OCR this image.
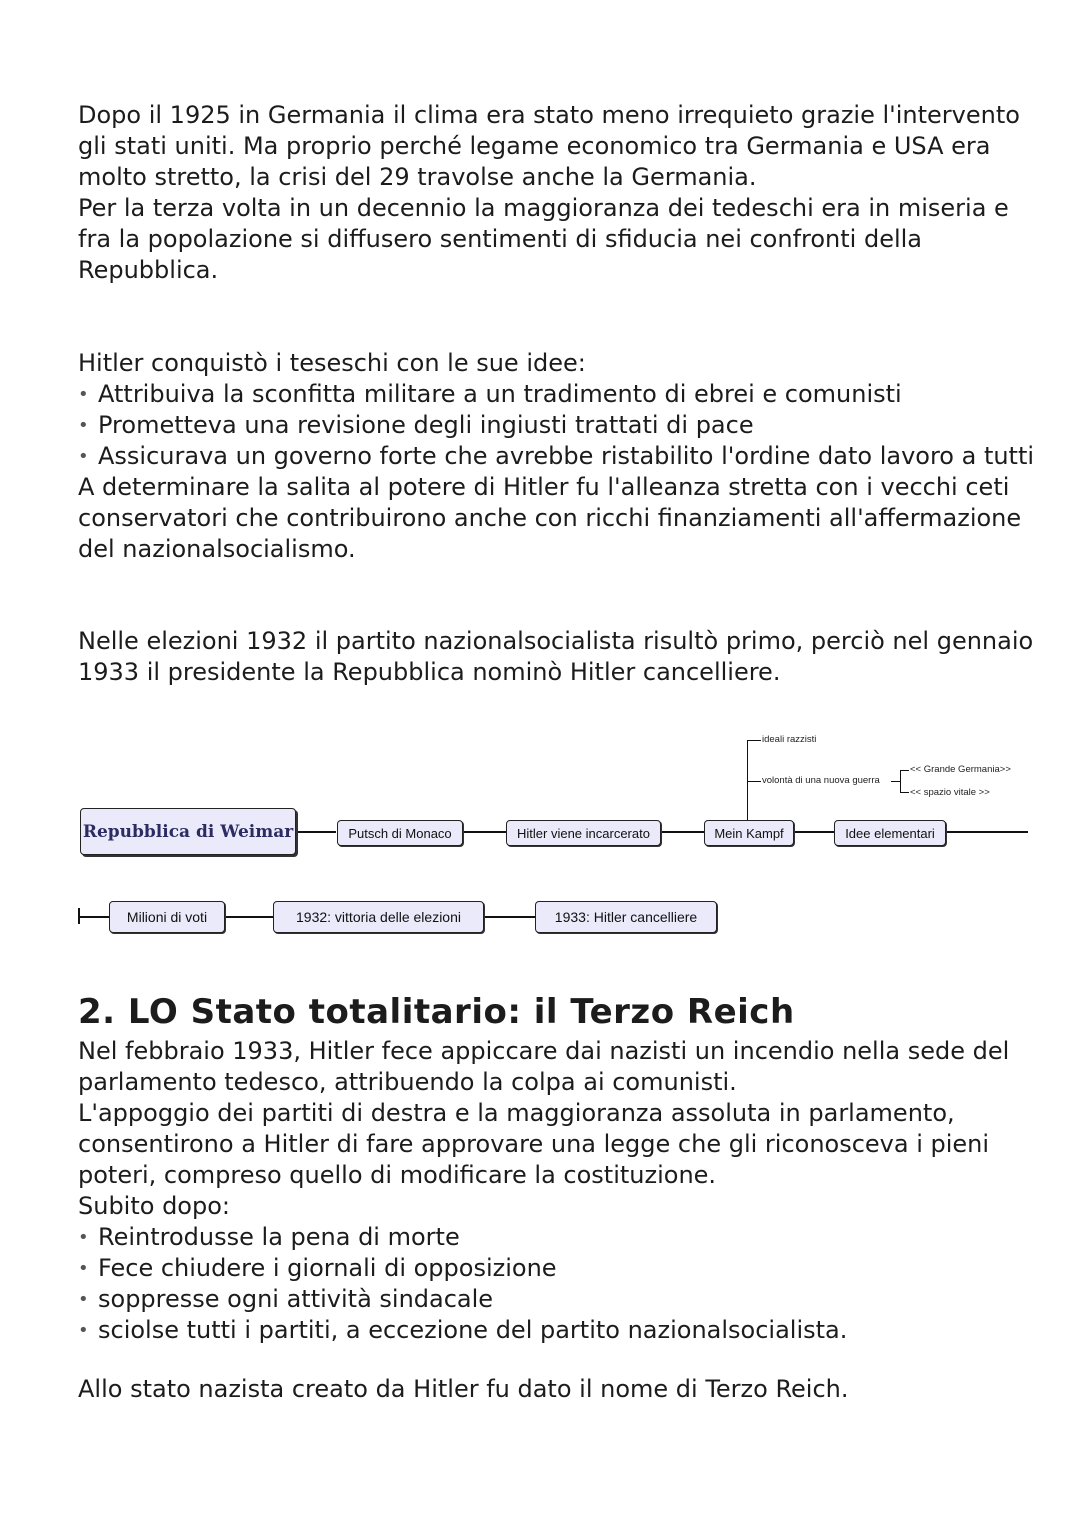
Dopo il 1925 in Germania il clima era stato meno irrequieto grazie l'intervento gli stati uniti. Ma proprio perché legame economico tra Germania e USA era molto stretto, la crisi del 29 travolse anche la Germania.

Per la terza volta in un decennio la maggioranza dei tedeschi era in miseria e fra la popolazione si diffusero sentimenti di sfiducia nei confronti della Repubblica.

Hitler conquistò i teseschi con le sue idee:

• Attribuiva la sconfitta militare a un tradimento di ebrei e comunisti
• Prometteva una revisione degli ingiusti trattati di pace
• Assicurava un governo forte che avrebbe ristabilito l'ordine dato lavoro a tutti

A determinare la salita al potere di Hitler fu l'alleanza stretta con i vecchi ceti conservatori che contribuirono anche con ricchi finanziamenti all'affermazione del nazionalsocialismo.

Nelle elezioni 1932 il partito nazionalsocialista risultò primo, perciò nel gennaio 1933 il presidente la Repubblica nominò Hitler cancelliere.

ideali razzisti
volontà di una nuova guerra
<< Grande Germania>>
<< spazio vitale >>
Repubblica di Weimar	Putsch di Monaco	Hitler viene incarcerato	Mein Kampf	Idee elementari
Milioni di voti	1932: vittoria delle elezioni	1933: Hitler cancelliere
2. LO Stato totalitario: il Terzo Reich

Nel febbraio 1933, Hitler fece appiccare dai nazisti un incendio nella sede del parlamento tedesco, attribuendo la colpa ai comunisti.

L'appoggio dei partiti di destra e la maggioranza assoluta in parlamento, consentirono a Hitler di fare approvare una legge che gli riconosceva i pieni poteri, compreso quello di modificare la costituzione.

Subito dopo:

• Reintrodusse la pena di morte
• Fece chiudere i giornali di opposizione
• soppresse ogni attività sindacale
• sciolse tutti i partiti, a eccezione del partito nazionalsocialista.

Allo stato nazista creato da Hitler fu dato il nome di Terzo Reich.
